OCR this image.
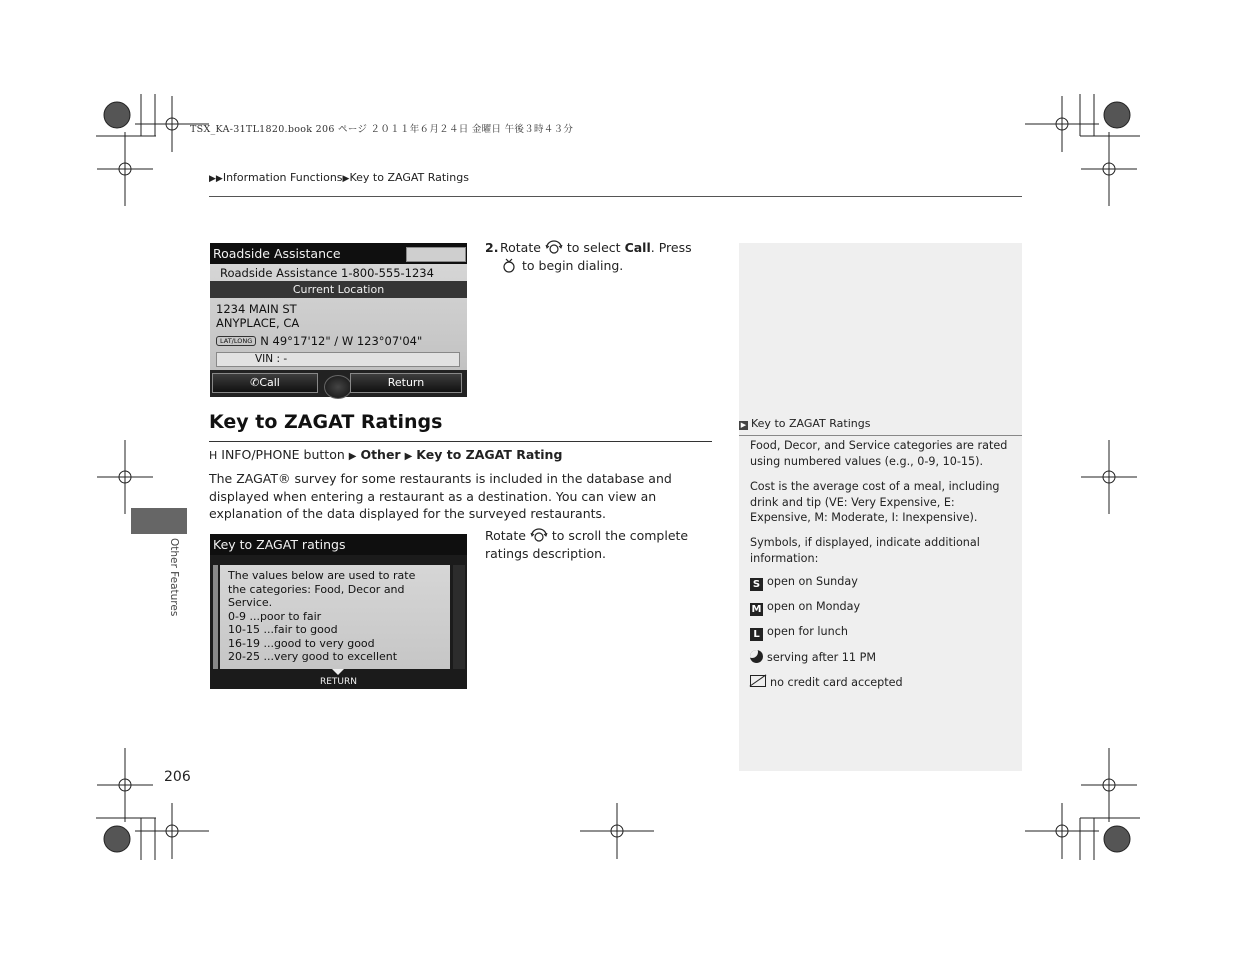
TSX_KA-31TL1820.book 206 ページ ２０１１年６月２４日 金曜日 午後３時４３分
▶▶Information Functions▶Key to ZAGAT Ratings
Other Features
206
Roadside Assistance
Roadside Assistance 1-800-555-1234
Current Location
1234 MAIN ST
ANYPLACE, CA
LAT/LONG N 49°17'12" / W 123°07'04"
VIN : -
✆Call	Return
2. Rotate to select Call. Press  to begin dialing.
Key to ZAGAT Ratings
H INFO/PHONE button ▶ Other ▶ Key to ZAGAT Rating
The ZAGAT® survey for some restaurants is included in the database and displayed when entering a restaurant as a destination. You can view an explanation of the data displayed for the surveyed restaurants.
Key to ZAGAT ratings
The values below are used to rate
the categories: Food, Decor and
Service.
0-9 ...poor to fair
10-15 ...fair to good
16-19 ...good to very good
20-25 ...very good to excellent
RETURN
Rotate to scroll the complete ratings description.
▶ Key to ZAGAT Ratings

Food, Decor, and Service categories are rated using numbered values (e.g., 0-9, 10-15).

Cost is the average cost of a meal, including drink and tip (VE: Very Expensive, E: Expensive, M: Moderate, I: Inexpensive).

Symbols, if displayed, indicate additional information:

S open on Sunday
M open on Monday
L open for lunch
serving after 11 PM
no credit card accepted
